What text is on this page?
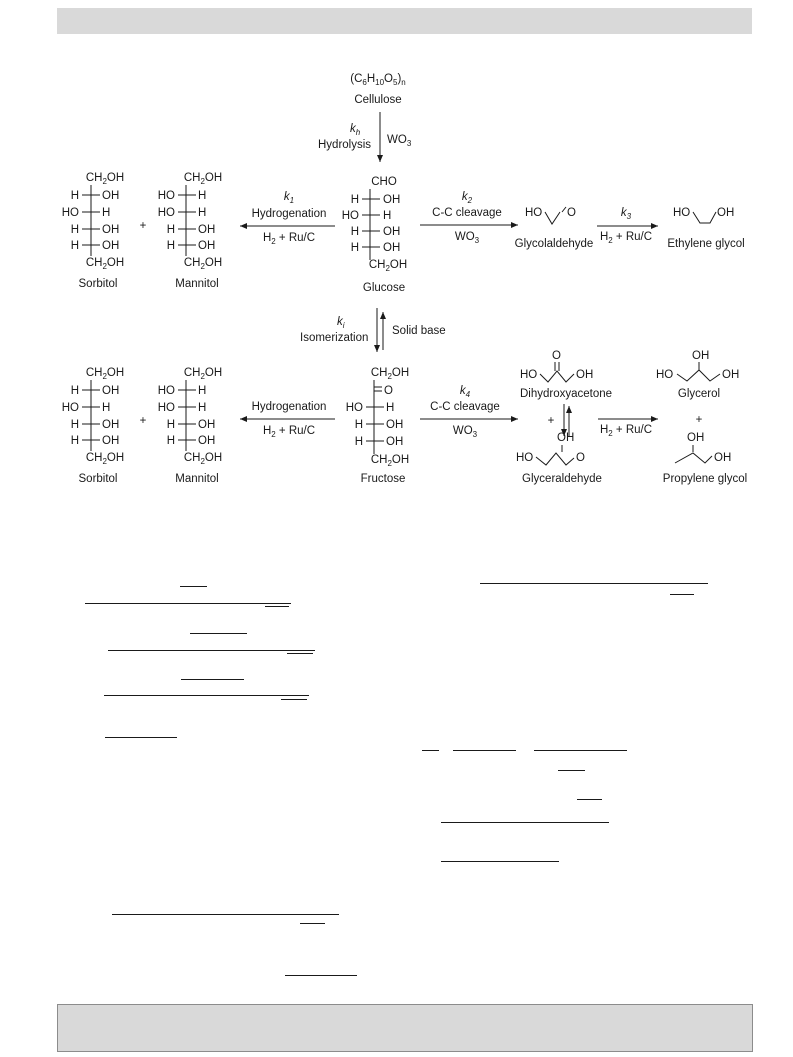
$(C_6H_{10}O_5)_n$
Cellulose
$k_h$
Hydrolysis $WO_3$
CHO
H OH
HO H
H OH
H OH
$CH_2OH$
Glucose
$CH_2OH$
H OH
HO H
H OH
H OH
$CH_2OH$
Sorbitol
+
$CH_2OH$
HO H
HO H
H OH
H OH
$CH_2OH$
Mannitol
$k_1$
Hydrogenation
$H_2 + Ru/C$
$k_2$
C-C cleavage
$WO_3$
HO O
Glycolaldehyde
$k_3$
$H_2 + Ru/C$
HO OH
Ethylene glycol
$k_i$
Isomerization
Solid base
$CH_2OH$
O
HO H
H OH
H OH
$CH_2OH$
Fructose
$CH_2OH$
H OH
HO H
H OH
H OH
$CH_2OH$
Sorbitol
+
$CH_2OH$
HO H
HO H
H OH
H OH
$CH_2OH$
Mannitol
Hydrogenation
$H_2 + Ru/C$
$k_4$
C-C cleavage
$WO_3$
O
HO	OH
Dihydroxyacetone
+
OH
HO	O
Glyceraldehyde
$H_2 + Ru/C$
OH
HO	OH
Glycerol
+
OH
OH
Propylene glycol
